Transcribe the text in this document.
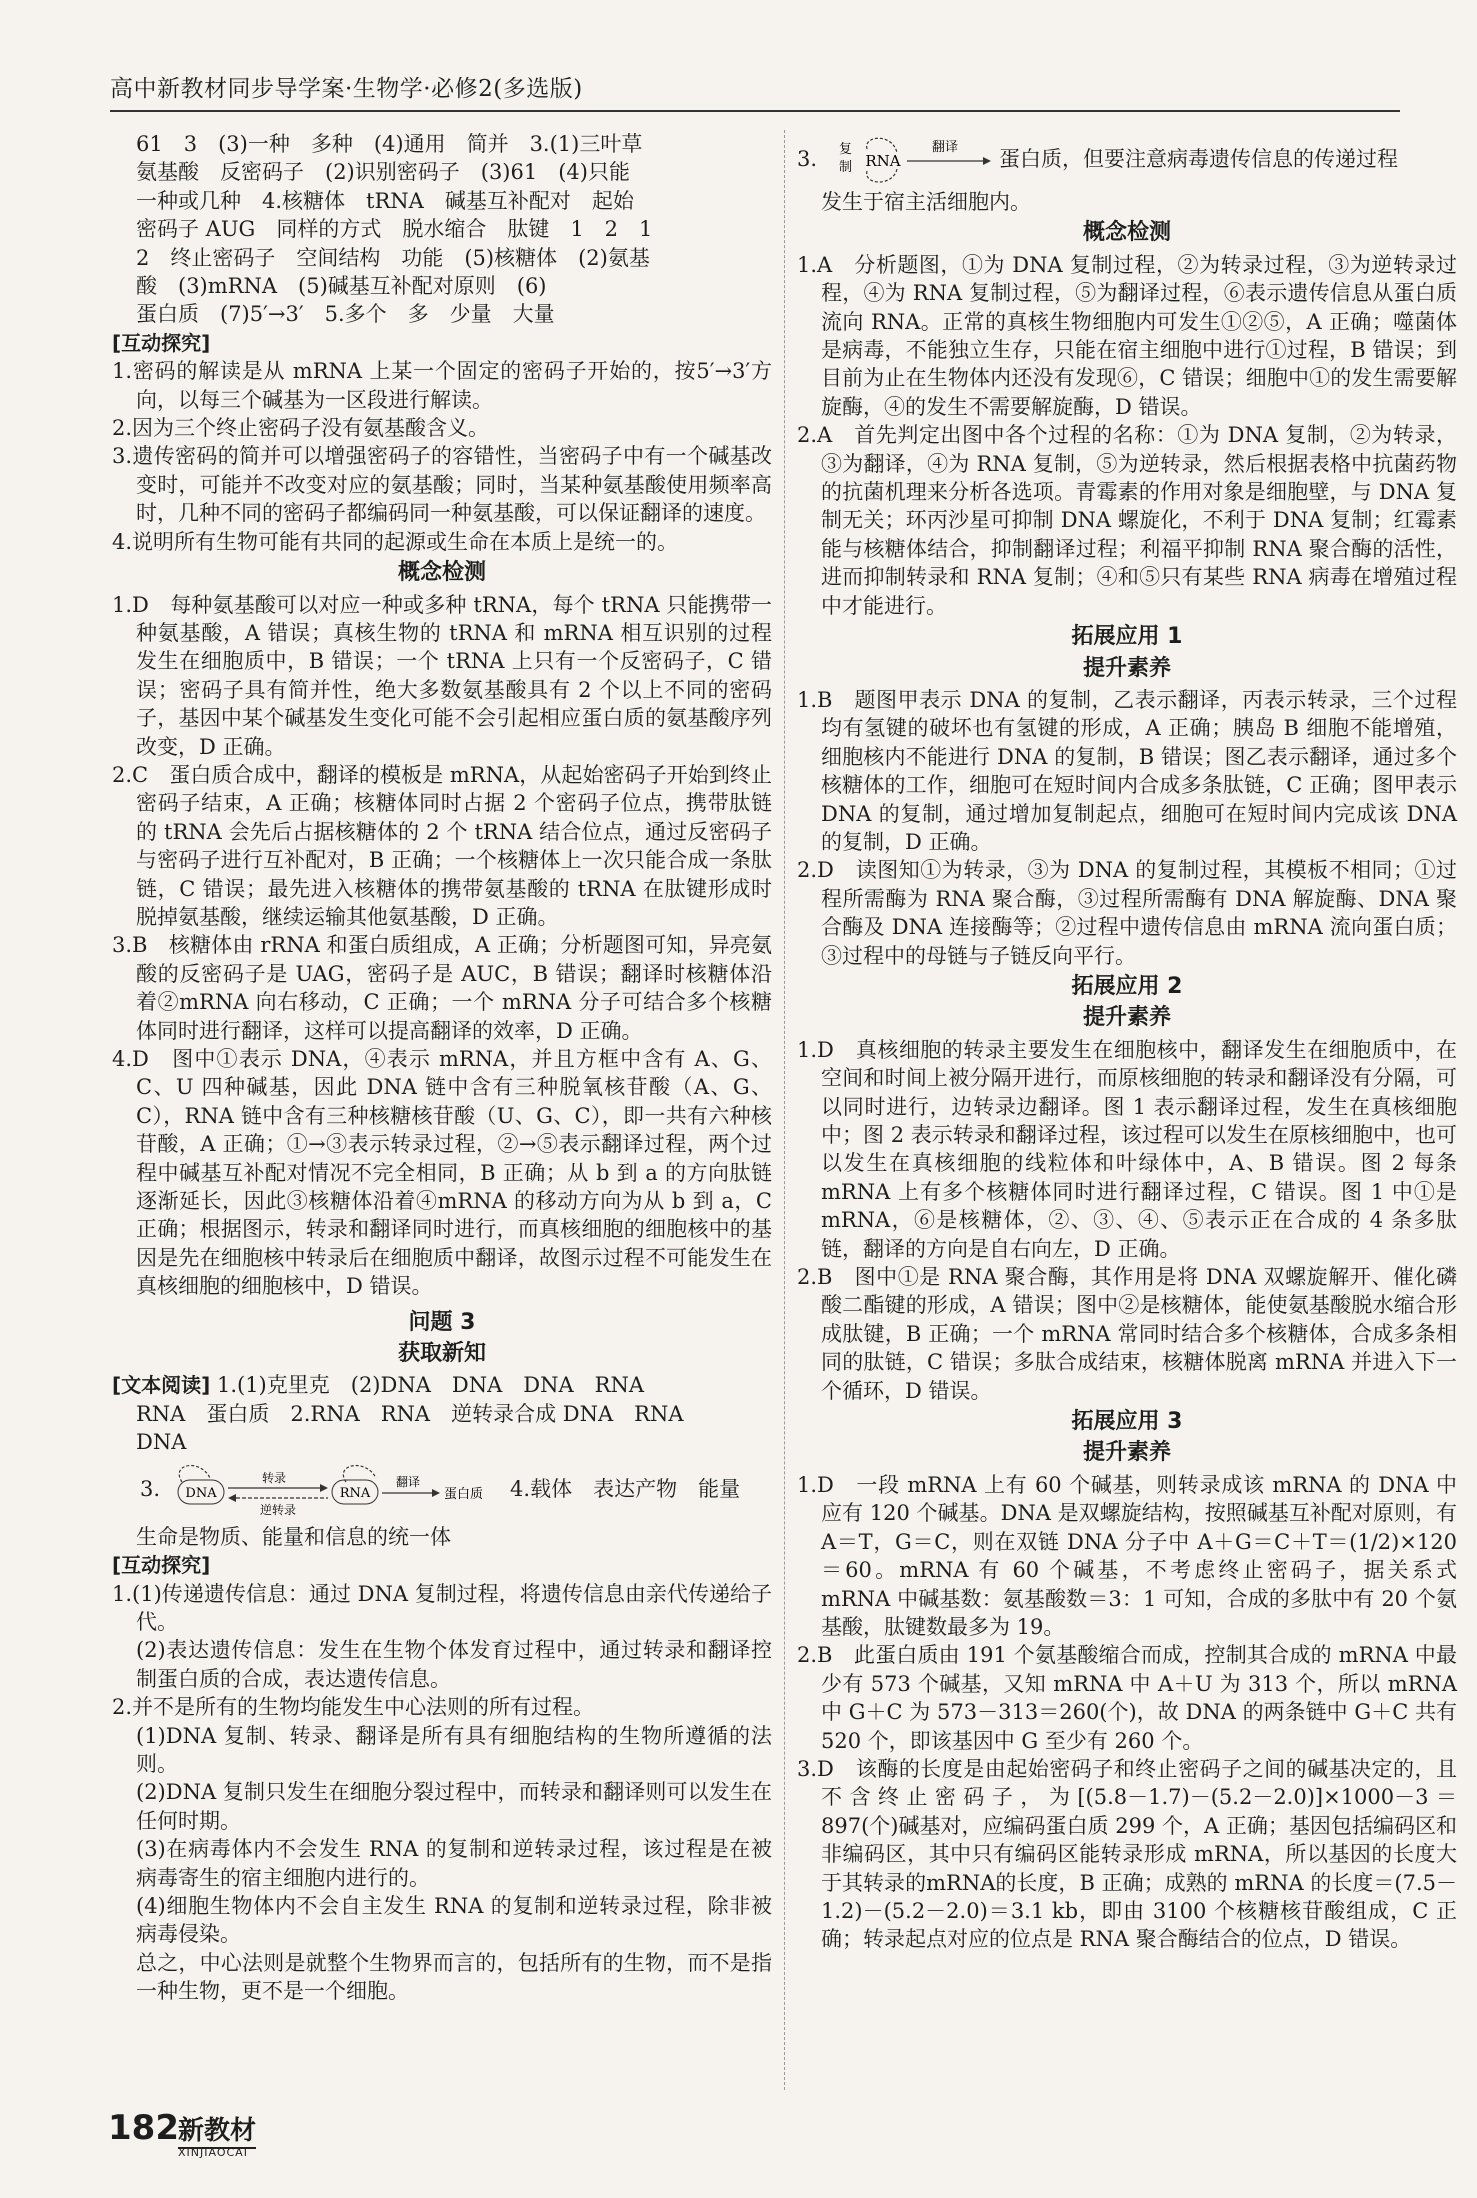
高中新教材同步导学案·生物学·必修2(多选版)

61　3　(3)一种　多种　(4)通用　简并　3.(1)三叶草

氨基酸　反密码子　(2)识别密码子　(3)61　(4)只能

一种或几种　4.核糖体　tRNA　碱基互补配对　起始

密码子 AUG　同样的方式　脱水缩合　肽键　1　2　1

2　终止密码子　空间结构　功能　(5)核糖体　(2)氨基

酸　(3)mRNA　(5)碱基互补配对原则　(6)

蛋白质　(7)5′→3′　5.多个　多　少量　大量

[互动探究]

1.密码的解读是从 mRNA 上某一个固定的密码子开始的，按5′→3′方向，以每三个碱基为一区段进行解读。

2.因为三个终止密码子没有氨基酸含义。

3.遗传密码的简并可以增强密码子的容错性，当密码子中有一个碱基改变时，可能并不改变对应的氨基酸；同时，当某种氨基酸使用频率高时，几种不同的密码子都编码同一种氨基酸，可以保证翻译的速度。

4.说明所有生物可能有共同的起源或生命在本质上是统一的。

概念检测

1.D　每种氨基酸可以对应一种或多种 tRNA，每个 tRNA 只能携带一种氨基酸，A 错误；真核生物的 tRNA 和 mRNA 相互识别的过程发生在细胞质中，B 错误；一个 tRNA 上只有一个反密码子，C 错误；密码子具有简并性，绝大多数氨基酸具有 2 个以上不同的密码子，基因中某个碱基发生变化可能不会引起相应蛋白质的氨基酸序列改变，D 正确。

2.C　蛋白质合成中，翻译的模板是 mRNA，从起始密码子开始到终止密码子结束，A 正确；核糖体同时占据 2 个密码子位点，携带肽链的 tRNA 会先后占据核糖体的 2 个 tRNA 结合位点，通过反密码子与密码子进行互补配对，B 正确；一个核糖体上一次只能合成一条肽链，C 错误；最先进入核糖体的携带氨基酸的 tRNA 在肽键形成时脱掉氨基酸，继续运输其他氨基酸，D 正确。

3.B　核糖体由 rRNA 和蛋白质组成，A 正确；分析题图可知，异亮氨酸的反密码子是 UAG，密码子是 AUC，B 错误；翻译时核糖体沿着②mRNA 向右移动，C 正确；一个 mRNA 分子可结合多个核糖体同时进行翻译，这样可以提高翻译的效率，D 正确。

4.D　图中①表示 DNA，④表示 mRNA，并且方框中含有 A、G、C、U 四种碱基，因此 DNA 链中含有三种脱氧核苷酸（A、G、C），RNA 链中含有三种核糖核苷酸（U、G、C），即一共有六种核苷酸，A 正确；①→③表示转录过程，②→⑤表示翻译过程，两个过程中碱基互补配对情况不完全相同，B 正确；从 b 到 a 的方向肽链逐渐延长，因此③核糖体沿着④mRNA 的移动方向为从 b 到 a，C 正确；根据图示，转录和翻译同时进行，而真核细胞的细胞核中的基因是先在细胞核中转录后在细胞质中翻译，故图示过程不可能发生在真核细胞的细胞核中，D 错误。

问题 3
获取新知

[文本阅读] 1.(1)克里克　(2)DNA　DNA　DNA　RNA

RNA　蛋白质　2.RNA　RNA　逆转录合成 DNA　RNA

DNA

3. DNA
转录
逆转录
RNA
翻译
蛋白质 4.载体　表达产物　能量

生命是物质、能量和信息的统一体

[互动探究]

1.(1)传递遗传信息：通过 DNA 复制过程，将遗传信息由亲代传递给子代。

(2)表达遗传信息：发生在生物个体发育过程中，通过转录和翻译控制蛋白质的合成，表达遗传信息。

2.并不是所有的生物均能发生中心法则的所有过程。

(1)DNA 复制、转录、翻译是所有具有细胞结构的生物所遵循的法则。

(2)DNA 复制只发生在细胞分裂过程中，而转录和翻译则可以发生在任何时期。

(3)在病毒体内不会发生 RNA 的复制和逆转录过程，该过程是在被病毒寄生的宿主细胞内进行的。

(4)细胞生物体内不会自主发生 RNA 的复制和逆转录过程，除非被病毒侵染。

总之，中心法则是就整个生物界而言的，包括所有的生物，而不是指一种生物，更不是一个细胞。

3. 复
制 RNA
翻译 蛋白质，但要注意病毒遗传信息的传递过程

发生于宿主活细胞内。

概念检测

1.A　分析题图，①为 DNA 复制过程，②为转录过程，③为逆转录过程，④为 RNA 复制过程，⑤为翻译过程，⑥表示遗传信息从蛋白质流向 RNA。正常的真核生物细胞内可发生①②⑤，A 正确；噬菌体是病毒，不能独立生存，只能在宿主细胞中进行①过程，B 错误；到目前为止在生物体内还没有发现⑥，C 错误；细胞中①的发生需要解旋酶，④的发生不需要解旋酶，D 错误。

2.A　首先判定出图中各个过程的名称：①为 DNA 复制，②为转录，③为翻译，④为 RNA 复制，⑤为逆转录，然后根据表格中抗菌药物的抗菌机理来分析各选项。青霉素的作用对象是细胞壁，与 DNA 复制无关；环丙沙星可抑制 DNA 螺旋化，不利于 DNA 复制；红霉素能与核糖体结合，抑制翻译过程；利福平抑制 RNA 聚合酶的活性，进而抑制转录和 RNA 复制；④和⑤只有某些 RNA 病毒在增殖过程中才能进行。

拓展应用 1
提升素养

1.B　题图甲表示 DNA 的复制，乙表示翻译，丙表示转录，三个过程均有氢键的破坏也有氢键的形成，A 正确；胰岛 B 细胞不能增殖，细胞核内不能进行 DNA 的复制，B 错误；图乙表示翻译，通过多个核糖体的工作，细胞可在短时间内合成多条肽链，C 正确；图甲表示 DNA 的复制，通过增加复制起点，细胞可在短时间内完成该 DNA 的复制，D 正确。

2.D　读图知①为转录，③为 DNA 的复制过程，其模板不相同；①过程所需酶为 RNA 聚合酶，③过程所需酶有 DNA 解旋酶、DNA 聚合酶及 DNA 连接酶等；②过程中遗传信息由 mRNA 流向蛋白质；③过程中的母链与子链反向平行。

拓展应用 2
提升素养

1.D　真核细胞的转录主要发生在细胞核中，翻译发生在细胞质中，在空间和时间上被分隔开进行，而原核细胞的转录和翻译没有分隔，可以同时进行，边转录边翻译。图 1 表示翻译过程，发生在真核细胞中；图 2 表示转录和翻译过程，该过程可以发生在原核细胞中，也可以发生在真核细胞的线粒体和叶绿体中，A、B 错误。图 2 每条 mRNA 上有多个核糖体同时进行翻译过程，C 错误。图 1 中①是 mRNA，⑥是核糖体，②、③、④、⑤表示正在合成的 4 条多肽链，翻译的方向是自右向左，D 正确。

2.B　图中①是 RNA 聚合酶，其作用是将 DNA 双螺旋解开、催化磷酸二酯键的形成，A 错误；图中②是核糖体，能使氨基酸脱水缩合形成肽键，B 正确；一个 mRNA 常同时结合多个核糖体，合成多条相同的肽链，C 错误；多肽合成结束，核糖体脱离 mRNA 并进入下一个循环，D 错误。

拓展应用 3
提升素养

1.D　一段 mRNA 上有 60 个碱基，则转录成该 mRNA 的 DNA 中应有 120 个碱基。DNA 是双螺旋结构，按照碱基互补配对原则，有 A＝T，G＝C，则在双链 DNA 分子中 A＋G＝C＋T＝(1/2)×120＝60。mRNA 有 60 个碱基，不考虑终止密码子，据关系式 mRNA 中碱基数：氨基酸数＝3：1 可知，合成的多肽中有 20 个氨基酸，肽键数最多为 19。

2.B　此蛋白质由 191 个氨基酸缩合而成，控制其合成的 mRNA 中最少有 573 个碱基，又知 mRNA 中 A＋U 为 313 个，所以 mRNA 中 G＋C 为 573－313＝260(个)，故 DNA 的两条链中 G＋C 共有 520 个，即该基因中 G 至少有 260 个。

3.D　该酶的长度是由起始密码子和终止密码子之间的碱基决定的，且不含终止密码子，为[(5.8－1.7)－(5.2－2.0)]×1000－3＝897(个)碱基对，应编码蛋白质 299 个，A 正确；基因包括编码区和非编码区，其中只有编码区能转录形成 mRNA，所以基因的长度大于其转录的mRNA的长度，B 正确；成熟的 mRNA 的长度＝(7.5－1.2)－(5.2－2.0)＝3.1 kb，即由 3100 个核糖核苷酸组成，C 正确；转录起点对应的位点是 RNA 聚合酶结合的位点，D 错误。

182 新教材
XINJIAOCAI
